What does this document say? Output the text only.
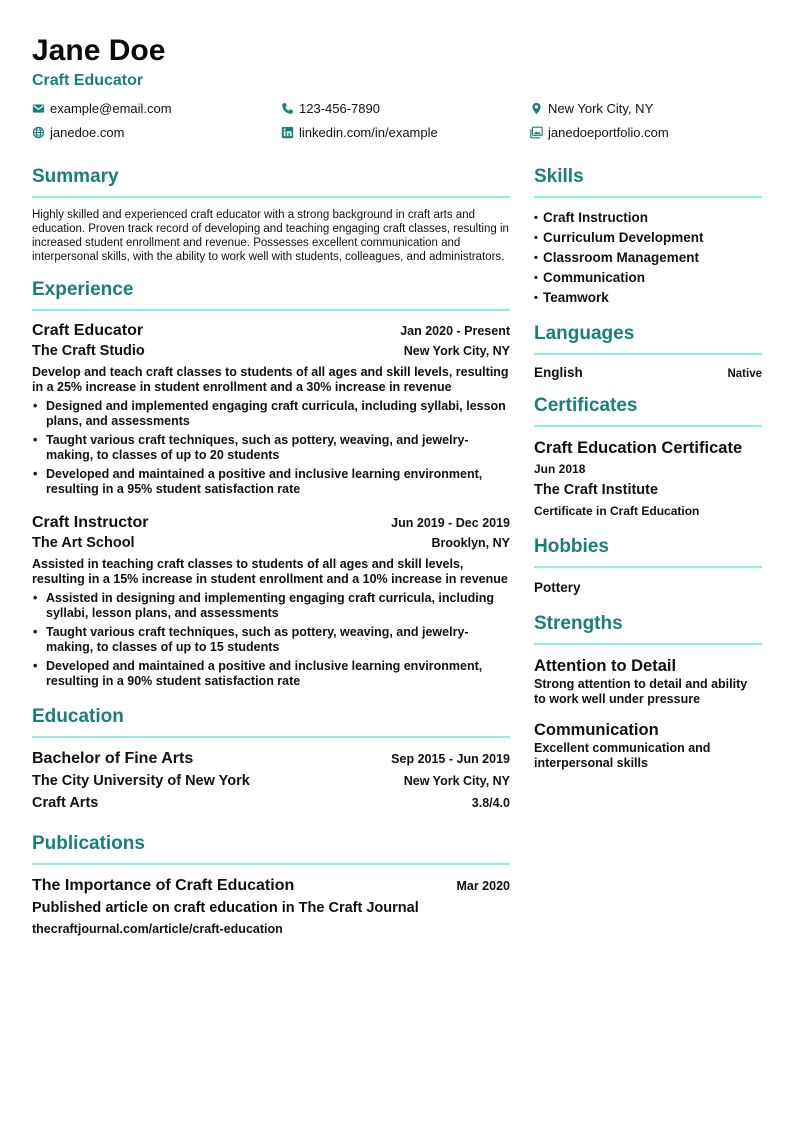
Jane Doe
Craft Educator
example@email.com	123-456-7890	New York City, NY
janedoe.com	linkedin.com/in/example	janedoeportfolio.com
Summary
Highly skilled and experienced craft educator with a strong background in craft arts and education. Proven track record of developing and teaching engaging craft classes, resulting in increased student enrollment and revenue. Possesses excellent communication and interpersonal skills, with the ability to work well with students, colleagues, and administrators.
Experience
Craft Educator	Jan 2020 - Present
The Craft Studio	New York City, NY
Develop and teach craft classes to students of all ages and skill levels, resulting in a 25% increase in student enrollment and a 30% increase in revenue
• Designed and implemented engaging craft curricula, including syllabi, lesson plans, and assessments
• Taught various craft techniques, such as pottery, weaving, and jewelry-making, to classes of up to 20 students
• Developed and maintained a positive and inclusive learning environment, resulting in a 95% student satisfaction rate
Craft Instructor	Jun 2019 - Dec 2019
The Art School	Brooklyn, NY
Assisted in teaching craft classes to students of all ages and skill levels, resulting in a 15% increase in student enrollment and a 10% increase in revenue
• Assisted in designing and implementing engaging craft curricula, including syllabi, lesson plans, and assessments
• Taught various craft techniques, such as pottery, weaving, and jewelry-making, to classes of up to 15 students
• Developed and maintained a positive and inclusive learning environment, resulting in a 90% student satisfaction rate
Education
Bachelor of Fine Arts	Sep 2015 - Jun 2019
The City University of New York	New York City, NY
Craft Arts	3.8/4.0
Publications
The Importance of Craft Education	Mar 2020
Published article on craft education in The Craft Journal
thecraftjournal.com/article/craft-education
Skills
• Craft Instruction
• Curriculum Development
• Classroom Management
• Communication
• Teamwork
Languages
English	Native
Certificates
Craft Education Certificate
Jun 2018
The Craft Institute
Certificate in Craft Education
Hobbies
Pottery
Strengths
Attention to Detail
Strong attention to detail and ability to work well under pressure
Communication
Excellent communication and interpersonal skills
